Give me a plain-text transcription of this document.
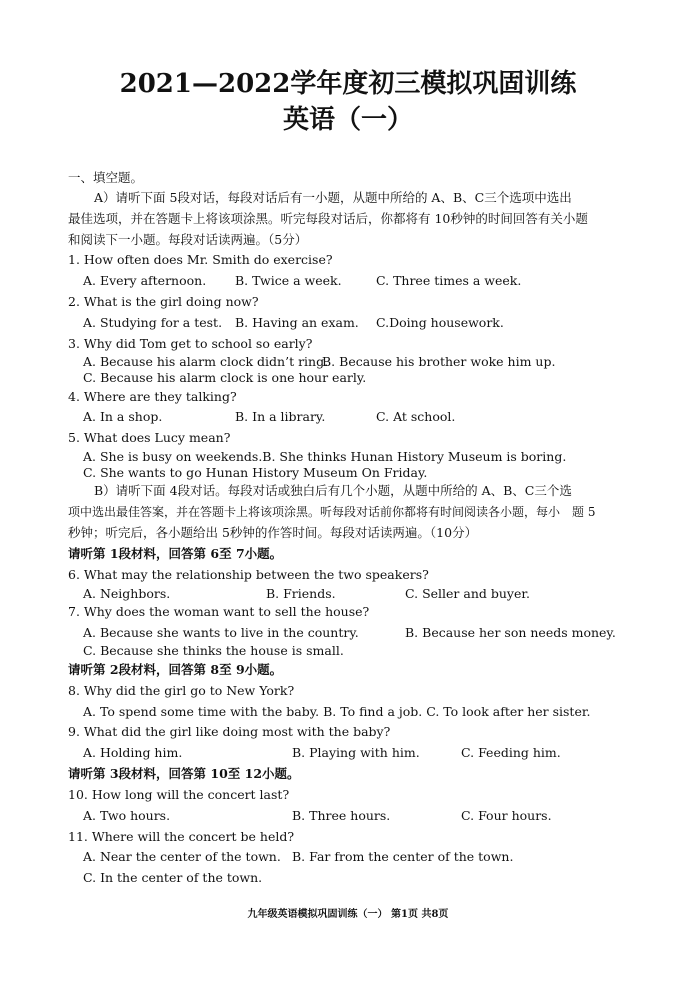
2021—2022学年度初三模拟巩固训练
英语（一）
一、填空题。
A）请听下面 5段对话，每段对话后有一小题，从题中所给的 A、B、C三个选项中选出
最佳选项，并在答题卡上将该项涂黑。听完每段对话后，你都将有 10秒钟的时间回答有关小题
和阅读下一小题。每段对话读两遍。（5分）
1. How often does Mr. Smith do exercise?
A. Every afternoon. B. Twice a week.	C. Three times a week.
2. What is the girl doing now?
A. Studying for a test. B. Having an exam. C.Doing housework.
3. Why did Tom get to school so early?
A. Because his alarm clock didn’t ring.
B. Because his brother woke him up.
C. Because his alarm clock is one hour early.
4. Where are they talking?
A. In a shop.	B. In a library.	C. At school.
5. What does Lucy mean?
A. She is busy on weekends.B. She thinks Hunan History Museum is boring.
C. She wants to go Hunan History Museum On Friday.
B）请听下面 4段对话。每段对话或独白后有几个小题，从题中所给的 A、B、C三个选
项中选出最佳答案，并在答题卡上将该项涂黑。听每段对话前你都将有时间阅读各小题，每小　题 5
秒钟；听完后，各小题给出 5秒钟的作答时间。每段对话读两遍。（10分）
请听第 1段材料，回答第 6至 7小题。
6. What may the relationship between the two speakers?
A. Neighbors.	B. Friends.	C. Seller and buyer.
7. Why does the woman want to sell the house?
A. Because she wants to live in the country.	B. Because her son needs money.
C. Because she thinks the house is small.
请听第 2段材料，回答第 8至 9小题。
8. Why did the girl go to New York?
A. To spend some time with the baby. B. To find a job. C. To look after her sister.
9. What did the girl like doing most with the baby?
A. Holding him.	B. Playing with him.	C. Feeding him.
请听第 3段材料，回答第 10至 12小题。
10. How long will the concert last?
A. Two hours.	B. Three hours.	C. Four hours.
11. Where will the concert be held?
A. Near the center of the town. B. Far from the center of the town.
C. In the center of the town.
九年级英语模拟巩固训练（一） 第1页 共8页
